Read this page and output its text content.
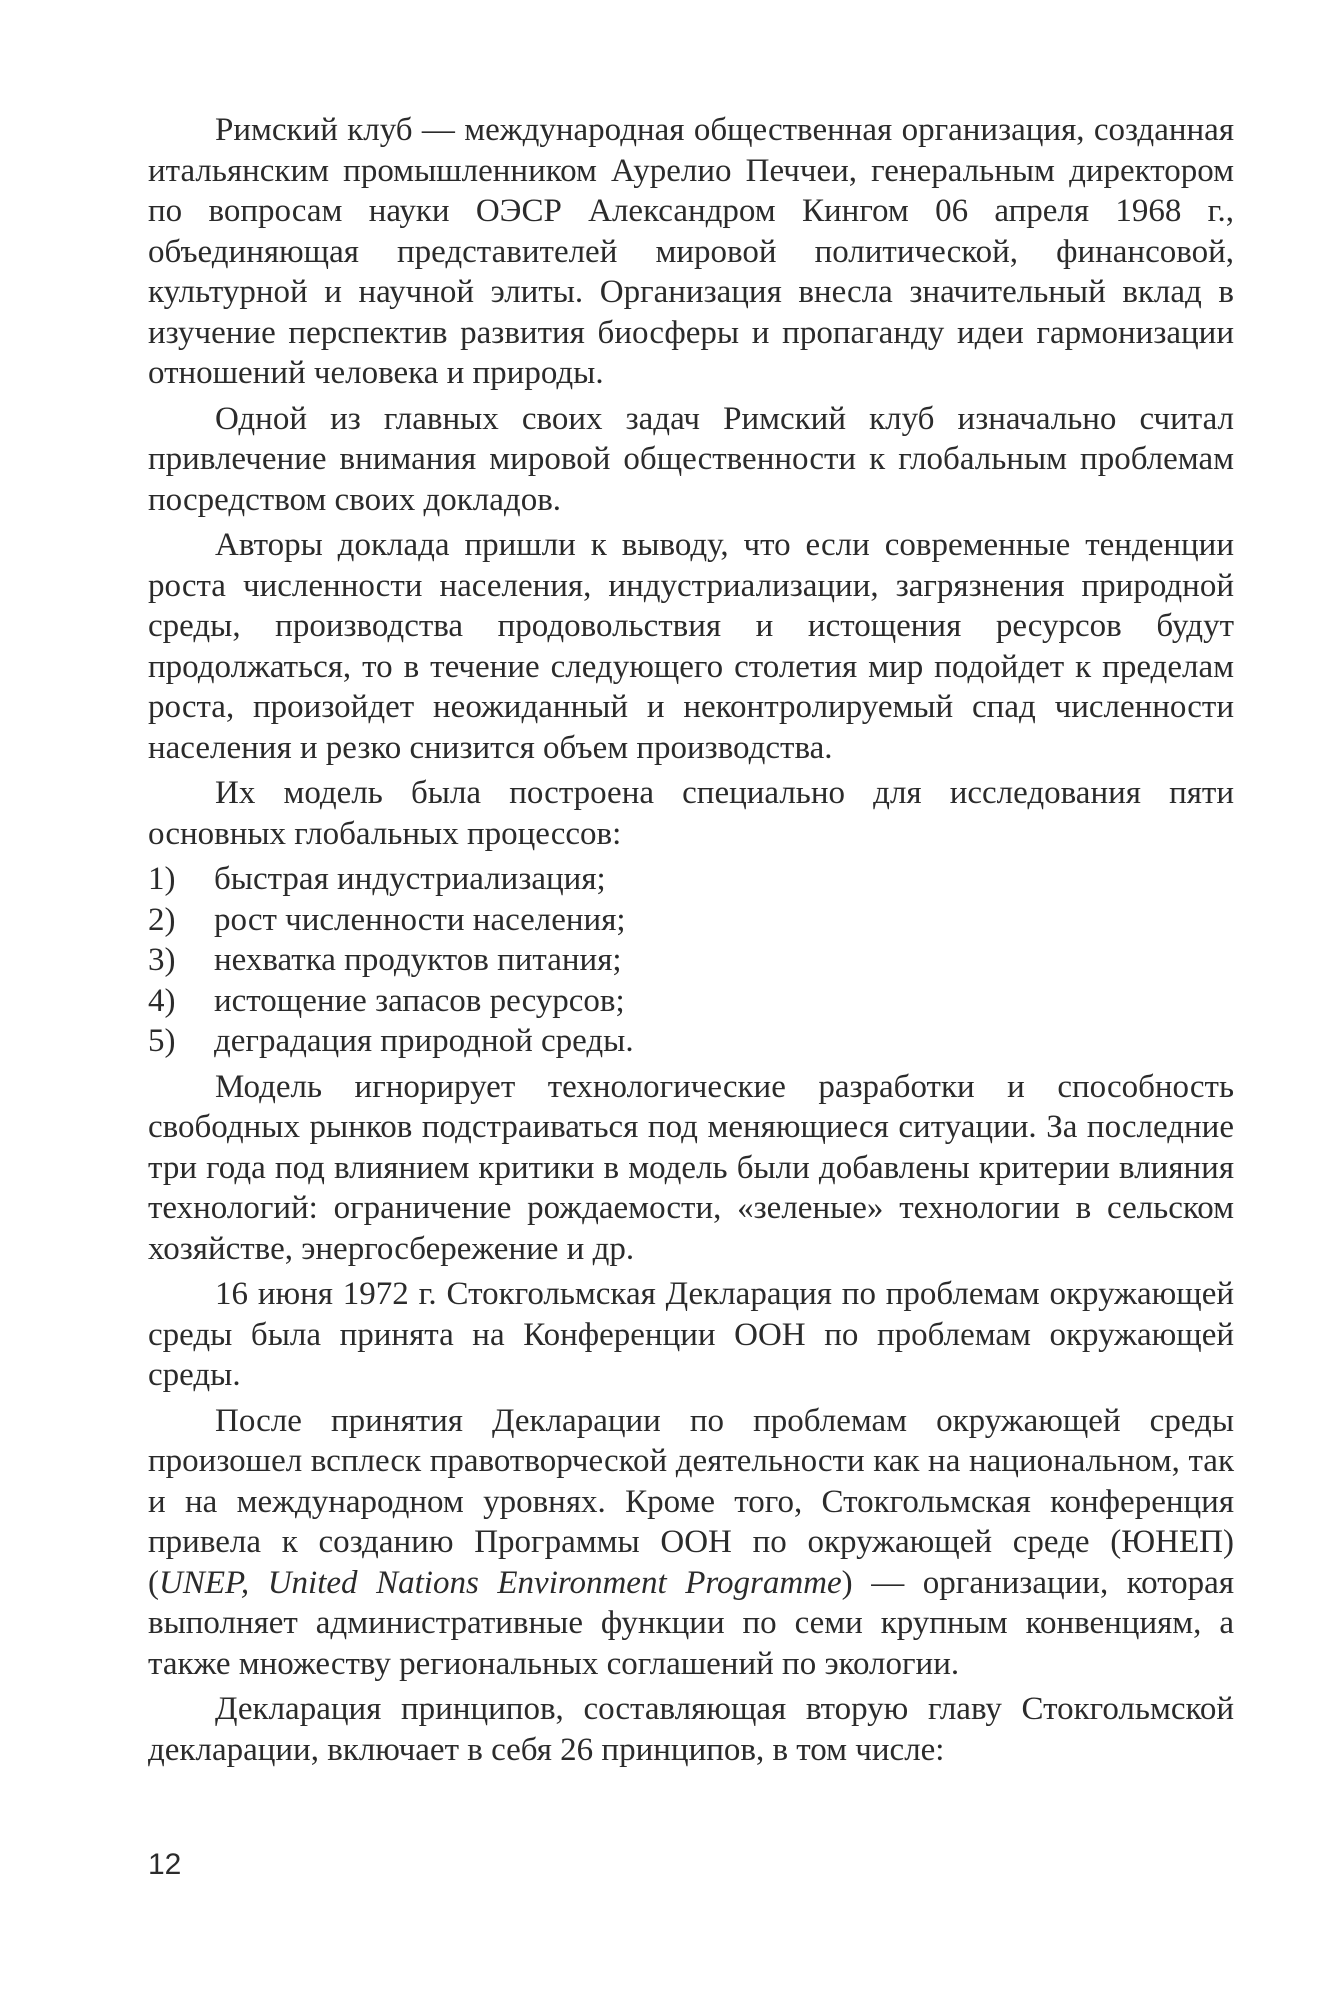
Римский клуб — международная общественная организация, созданная итальянским промышленником Аурелио Печчеи, генеральным директором по вопросам науки ОЭСР Александром Кингом 06 апреля 1968 г., объединяющая представителей мировой политической, финансовой, культурной и научной элиты. Организация внесла значительный вклад в изучение перспектив развития биосферы и пропаганду идеи гармонизации отношений человека и природы.

Одной из главных своих задач Римский клуб изначально считал привлечение внимания мировой общественности к глобальным проблемам посредством своих докладов.

Авторы доклада пришли к выводу, что если современные тенденции роста численности населения, индустриализации, загрязнения природной среды, производства продовольствия и истощения ресурсов будут продолжаться, то в течение следующего столетия мир подойдет к пределам роста, произойдет неожиданный и неконтролируемый спад численности населения и резко снизится объем производства.

Их модель была построена специально для исследования пяти основных глобальных процессов:

1)	быстрая индустриализация;
2)	рост численности населения;
3)	нехватка продуктов питания;
4)	истощение запасов ресурсов;
5)	деградация природной среды.

Модель игнорирует технологические разработки и способность свободных рынков подстраиваться под меняющиеся ситуации. За последние три года под влиянием критики в модель были добавлены критерии влияния технологий: ограничение рождаемости, «зеленые» технологии в сельском хозяйстве, энергосбережение и др.

16 июня 1972 г. Стокгольмская Декларация по проблемам окружающей среды была принята на Конференции ООН по проблемам окружающей среды.

После принятия Декларации по проблемам окружающей среды произошел всплеск правотворческой деятельности как на национальном, так и на международном уровнях. Кроме того, Стокгольмская конференция привела к созданию Программы ООН по окружающей среде (ЮНЕП) (UNEP, United Nations Environment Programme) — организации, которая выполняет административные функции по семи крупным конвенциям, а также множеству региональных соглашений по экологии.

Декларация принципов, составляющая вторую главу Стокгольмской декларации, включает в себя 26 принципов, в том числе:

12
